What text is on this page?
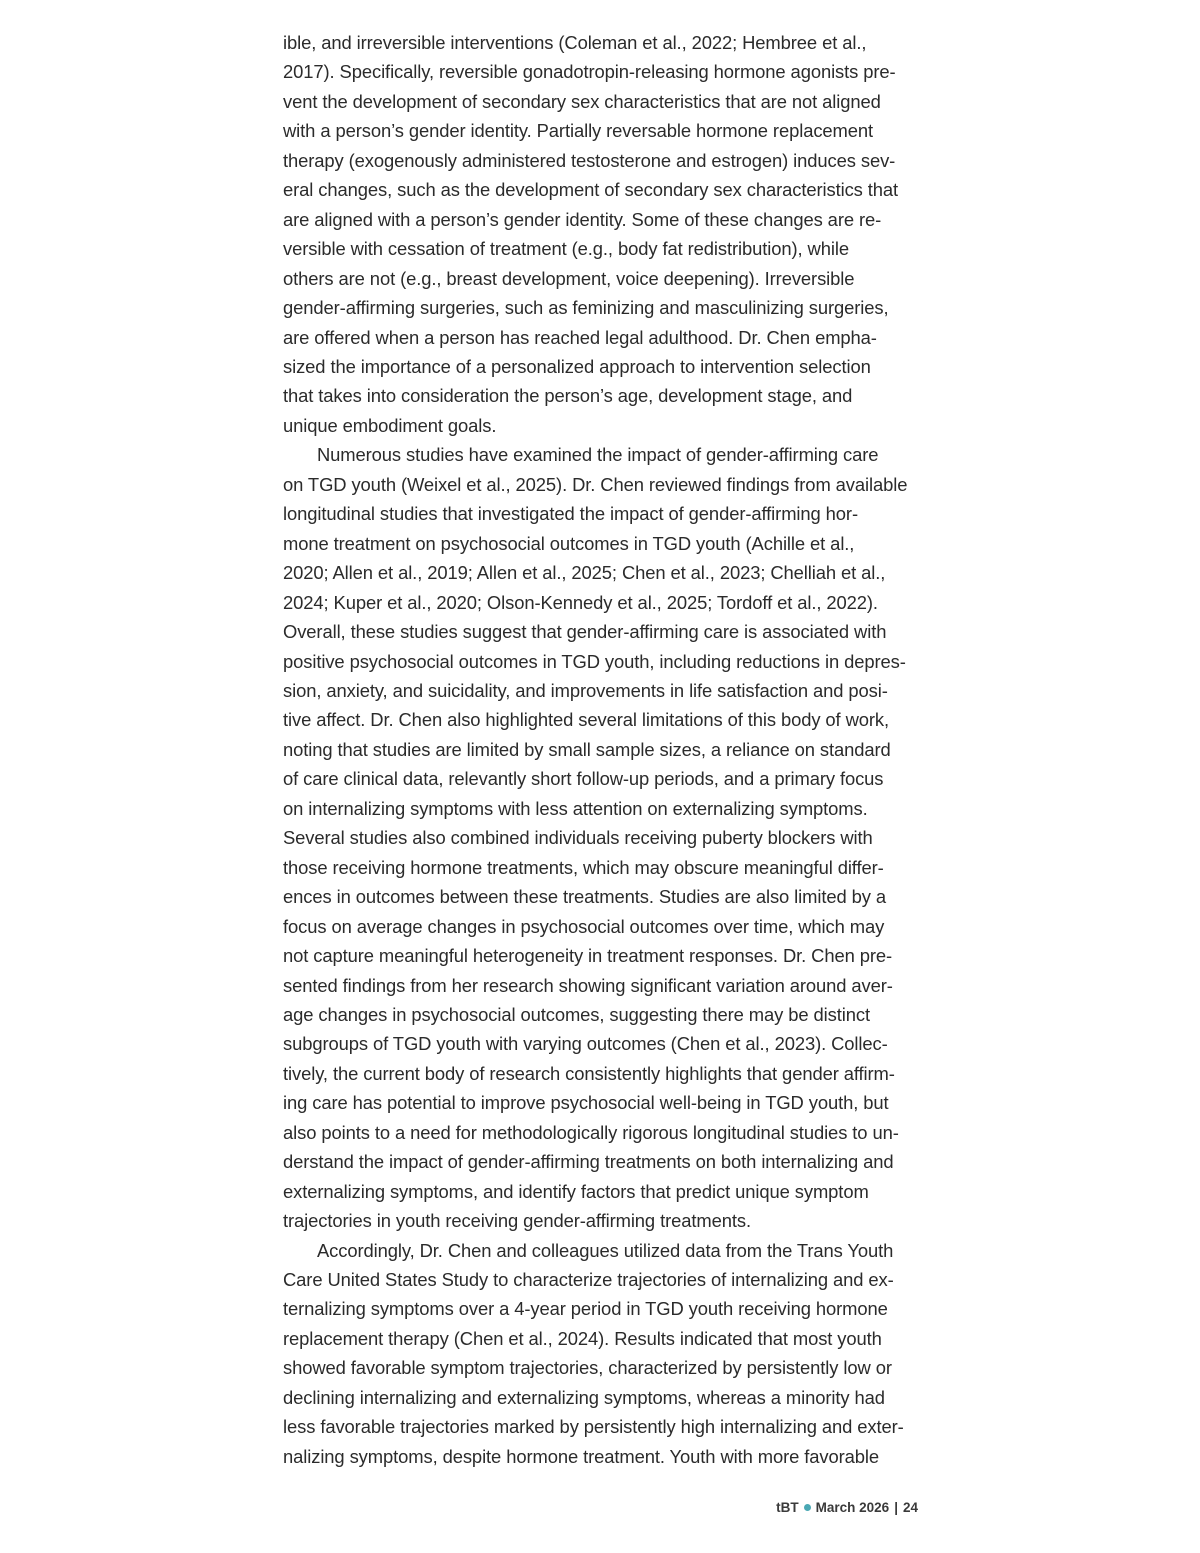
ible, and irreversible interventions (Coleman et al., 2022; Hembree et al.,
2017). Specifically, reversible gonadotropin-releasing hormone agonists pre-
vent the development of secondary sex characteristics that are not aligned
with a person’s gender identity. Partially reversable hormone replacement
therapy (exogenously administered testosterone and estrogen) induces sev-
eral changes, such as the development of secondary sex characteristics that
are aligned with a person’s gender identity. Some of these changes are re-
versible with cessation of treatment (e.g., body fat redistribution), while
others are not (e.g., breast development, voice deepening). Irreversible
gender-affirming surgeries, such as feminizing and masculinizing surgeries,
are offered when a person has reached legal adulthood. Dr. Chen empha-
sized the importance of a personalized approach to intervention selection
that takes into consideration the person’s age, development stage, and
unique embodiment goals.
Numerous studies have examined the impact of gender-affirming care
on TGD youth (Weixel et al., 2025). Dr. Chen reviewed findings from available
longitudinal studies that investigated the impact of gender-affirming hor-
mone treatment on psychosocial outcomes in TGD youth (Achille et al.,
2020; Allen et al., 2019; Allen et al., 2025; Chen et al., 2023; Chelliah et al.,
2024; Kuper et al., 2020; Olson-Kennedy et al., 2025; Tordoff et al., 2022).
Overall, these studies suggest that gender-affirming care is associated with
positive psychosocial outcomes in TGD youth, including reductions in depres-
sion, anxiety, and suicidality, and improvements in life satisfaction and posi-
tive affect. Dr. Chen also highlighted several limitations of this body of work,
noting that studies are limited by small sample sizes, a reliance on standard
of care clinical data, relevantly short follow-up periods, and a primary focus
on internalizing symptoms with less attention on externalizing symptoms.
Several studies also combined individuals receiving puberty blockers with
those receiving hormone treatments, which may obscure meaningful differ-
ences in outcomes between these treatments. Studies are also limited by a
focus on average changes in psychosocial outcomes over time, which may
not capture meaningful heterogeneity in treatment responses. Dr. Chen pre-
sented findings from her research showing significant variation around aver-
age changes in psychosocial outcomes, suggesting there may be distinct
subgroups of TGD youth with varying outcomes (Chen et al., 2023). Collec-
tively, the current body of research consistently highlights that gender affirm-
ing care has potential to improve psychosocial well-being in TGD youth, but
also points to a need for methodologically rigorous longitudinal studies to un-
derstand the impact of gender-affirming treatments on both internalizing and
externalizing symptoms, and identify factors that predict unique symptom
trajectories in youth receiving gender-affirming treatments.
Accordingly, Dr. Chen and colleagues utilized data from the Trans Youth
Care United States Study to characterize trajectories of internalizing and ex-
ternalizing symptoms over a 4-year period in TGD youth receiving hormone
replacement therapy (Chen et al., 2024). Results indicated that most youth
showed favorable symptom trajectories, characterized by persistently low or
declining internalizing and externalizing symptoms, whereas a minority had
less favorable trajectories marked by persistently high internalizing and exter-
nalizing symptoms, despite hormone treatment. Youth with more favorable
tBT March 2026 | 24
